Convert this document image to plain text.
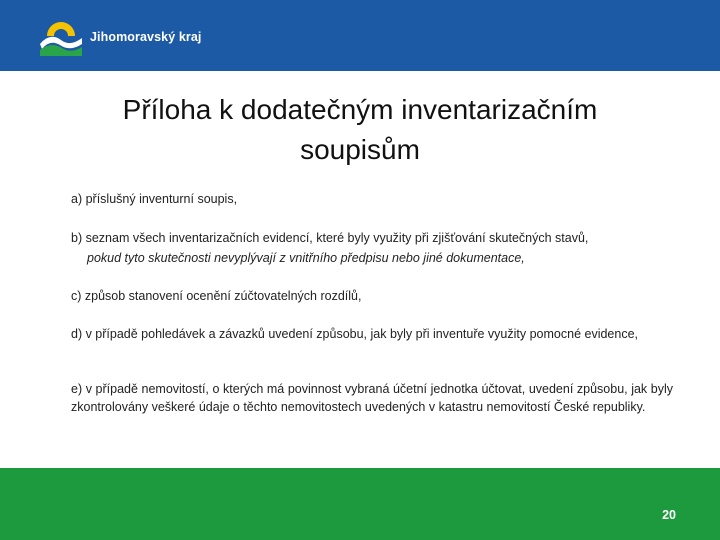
Jihomoravský kraj
Příloha k dodatečným inventarizačním
soupisům

a) příslušný inventurní soupis,

b) seznam všech inventarizačních evidencí, které byly využity při zjišťování skutečných stavů,

pokud tyto skutečnosti nevyplývají z vnitřního předpisu nebo jiné dokumentace,

c) způsob stanovení ocenění zúčtovatelných rozdílů,

d) v případě pohledávek a závazků uvedení způsobu, jak byly při inventuře využity pomocné evidence,

e) v případě nemovitostí, o kterých má povinnost vybraná účetní jednotka účtovat, uvedení způsobu, jak byly zkontrolovány veškeré údaje o těchto nemovitostech uvedených v katastru nemovitostí České republiky.

20
